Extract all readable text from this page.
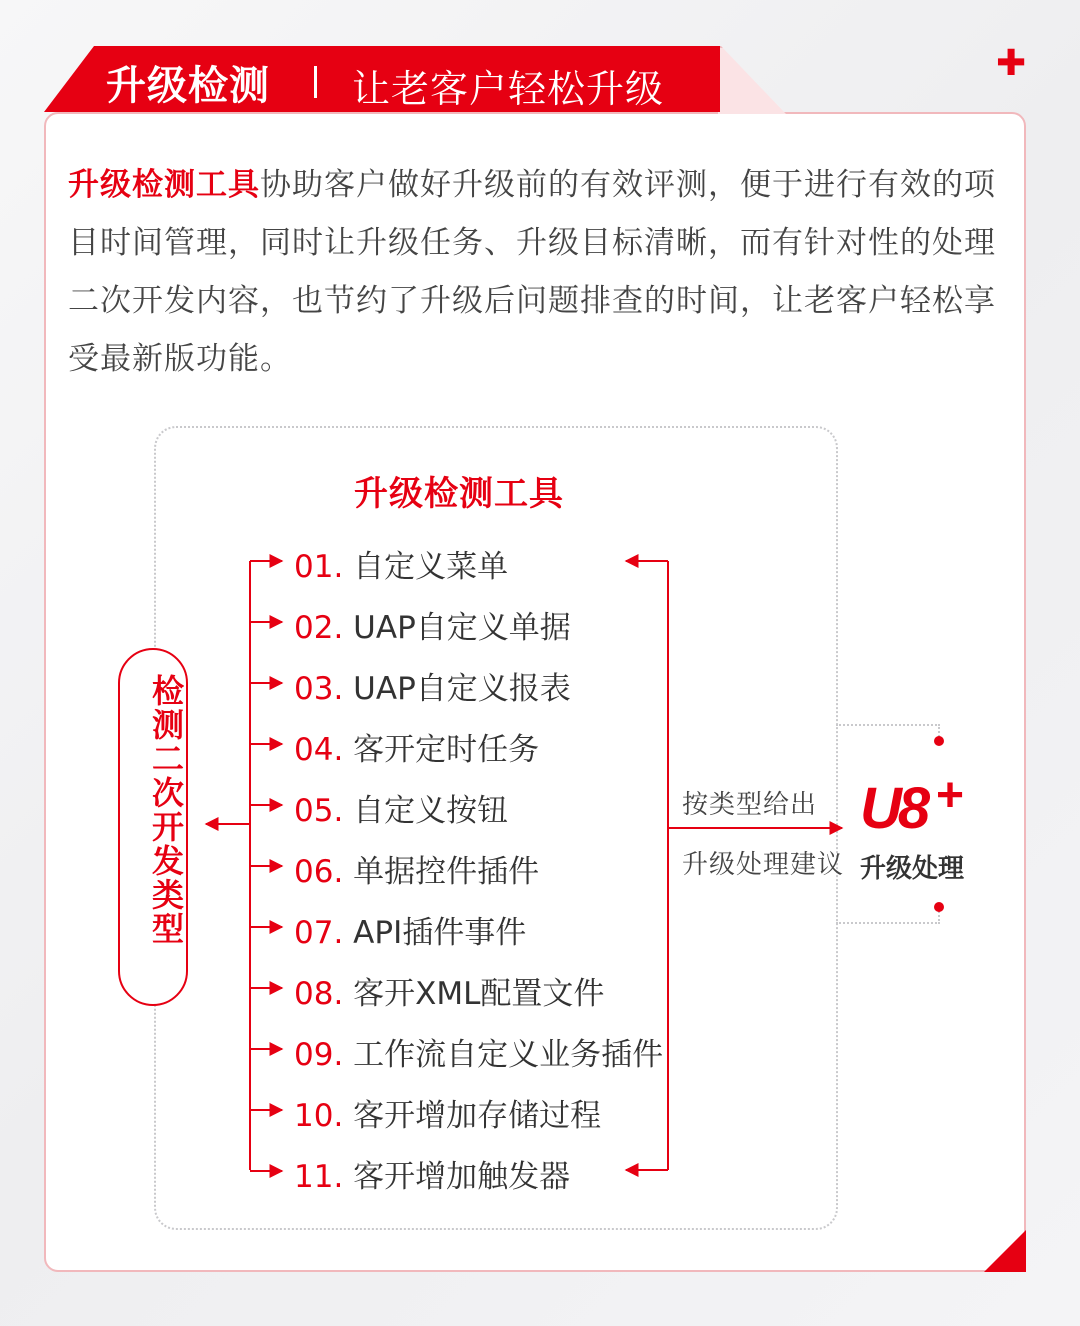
升级检测 让老客户轻松升级
✚
升级检测工具协助客户做好升级前的有效评测，便于进行有效的项目时间管理，同时让升级任务、升级目标清晰，而有针对性的处理二次开发内容，也节约了升级后问题排查的时间，让老客户轻松享受最新版功能。
升级检测工具
检测二次开发类型
01. 自定义菜单
02. UAP自定义单据
03. UAP自定义报表
04. 客开定时任务
05. 自定义按钮
06. 单据控件插件
07. API插件事件
08. 客开XML配置文件
09. 工作流自定义业务插件
10. 客开增加存储过程
11. 客开增加触发器
按类型给出
升级处理建议
U8 +
升级处理
